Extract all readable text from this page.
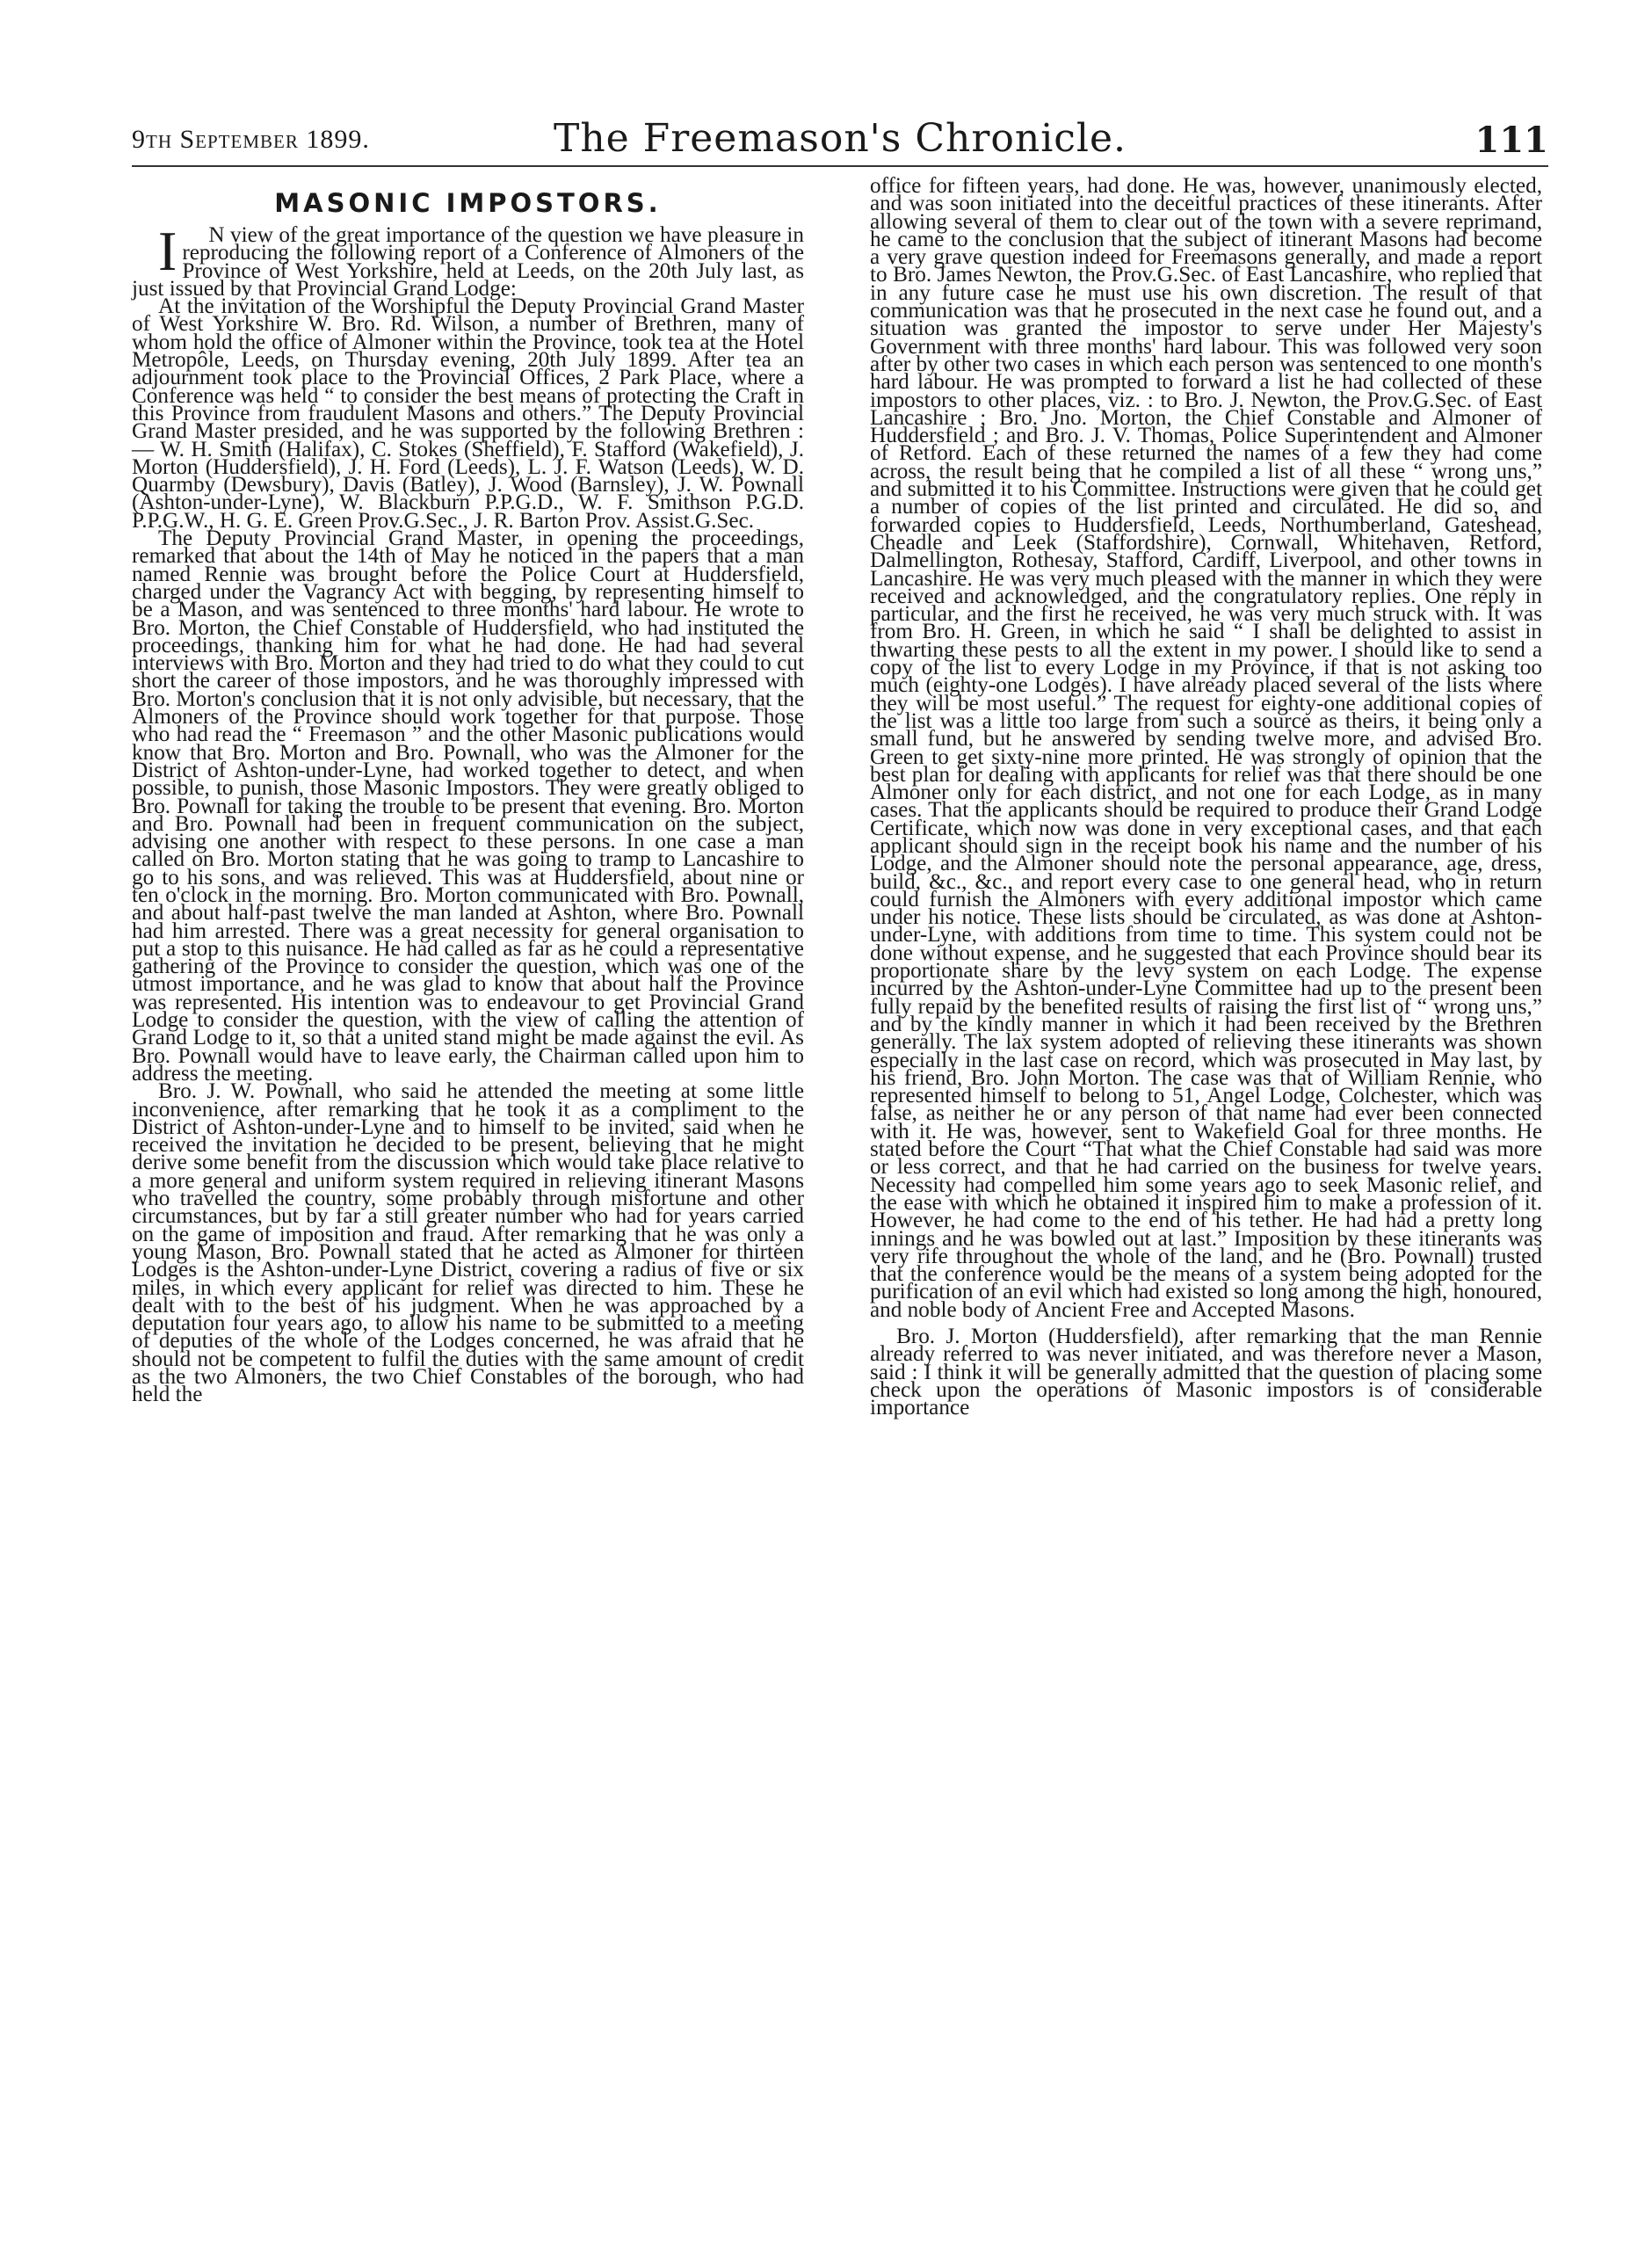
9th September 1899.	The Freemason's Chronicle.	111
MASONIC IMPOSTORS.

I N view of the great importance of the question we have pleasure in reproducing the following report of a Conference of Almoners of the Province of West Yorkshire, held at Leeds, on the 20th July last, as just issued by that Provincial Grand Lodge:

At the invitation of the Worshipful the Deputy Provincial Grand Master of West Yorkshire W. Bro. Rd. Wilson, a number of Brethren, many of whom hold the office of Almoner within the Province, took tea at the Hotel Metropôle, Leeds, on Thursday evening, 20th July 1899. After tea an adjournment took place to the Provincial Offices, 2 Park Place, where a Conference was held “ to consider the best means of protecting the Craft in this Province from fraudulent Masons and others.” The Deputy Provincial Grand Master presided, and he was supported by the following Brethren :— W. H. Smith (Halifax), C. Stokes (Sheffield), F. Stafford (Wakefield), J. Morton (Huddersfield), J. H. Ford (Leeds), L. J. F. Watson (Leeds), W. D. Quarmby (Dewsbury), Davis (Batley), J. Wood (Barnsley), J. W. Pownall (Ashton-under-Lyne), W. Blackburn P.P.G.D., W. F. Smithson P.G.D. P.P.G.W., H. G. E. Green Prov.G.Sec., J. R. Barton Prov. Assist.G.Sec.

The Deputy Provincial Grand Master, in opening the proceedings, remarked that about the 14th of May he noticed in the papers that a man named Rennie was brought before the Police Court at Huddersfield, charged under the Vagrancy Act with begging, by representing himself to be a Mason, and was sentenced to three months' hard labour. He wrote to Bro. Morton, the Chief Constable of Huddersfield, who had instituted the proceedings, thanking him for what he had done. He had had several interviews with Bro. Morton and they had tried to do what they could to cut short the career of those impostors, and he was thoroughly impressed with Bro. Morton's conclusion that it is not only advisible, but necessary, that the Almoners of the Province should work together for that purpose. Those who had read the “ Freemason ” and the other Masonic publications would know that Bro. Morton and Bro. Pownall, who was the Almoner for the District of Ashton-under-Lyne, had worked together to detect, and when possible, to punish, those Masonic Impostors. They were greatly obliged to Bro. Pownall for taking the trouble to be present that evening. Bro. Morton and Bro. Pownall had been in frequent communication on the subject, advising one another with respect to these persons. In one case a man called on Bro. Morton stating that he was going to tramp to Lancashire to go to his sons, and was relieved. This was at Huddersfield, about nine or ten o'clock in the morning. Bro. Morton communicated with Bro. Pownall, and about half-past twelve the man landed at Ashton, where Bro. Pownall had him arrested. There was a great necessity for general organisation to put a stop to this nuisance. He had called as far as he could a representative gathering of the Province to consider the question, which was one of the utmost importance, and he was glad to know that about half the Province was represented. His intention was to endeavour to get Provincial Grand Lodge to consider the question, with the view of calling the attention of Grand Lodge to it, so that a united stand might be made against the evil. As Bro. Pownall would have to leave early, the Chairman called upon him to address the meeting.

Bro. J. W. Pownall, who said he attended the meeting at some little inconvenience, after remarking that he took it as a compliment to the District of Ashton-under-Lyne and to himself to be invited, said when he received the invitation he decided to be present, believing that he might derive some benefit from the discussion which would take place relative to a more general and uniform system required in relieving itinerant Masons who travelled the country, some probably through misfortune and other circumstances, but by far a still greater number who had for years carried on the game of imposition and fraud. After remarking that he was only a young Mason, Bro. Pownall stated that he acted as Almoner for thirteen Lodges is the Ashton-under-Lyne District, covering a radius of five or six miles, in which every applicant for relief was directed to him. These he dealt with to the best of his judgment. When he was approached by a deputation four years ago, to allow his name to be submitted to a meeting of deputies of the whole of the Lodges concerned, he was afraid that he should not be competent to fulfil the duties with the same amount of credit as the two Almoners, the two Chief Constables of the borough, who had held the

office for fifteen years, had done. He was, however, unanimously elected, and was soon initiated into the deceitful practices of these itinerants. After allowing several of them to clear out of the town with a severe reprimand, he came to the conclusion that the subject of itinerant Masons had become a very grave question indeed for Freemasons generally, and made a report to Bro. James Newton, the Prov.G.Sec. of East Lancashire, who replied that in any future case he must use his own discretion. The result of that communication was that he prosecuted in the next case he found out, and a situation was granted the impostor to serve under Her Majesty's Government with three months' hard labour. This was followed very soon after by other two cases in which each person was sentenced to one month's hard labour. He was prompted to forward a list he had collected of these impostors to other places, viz. : to Bro. J. Newton, the Prov.G.Sec. of East Lancashire ; Bro. Jno. Morton, the Chief Constable and Almoner of Huddersfield ; and Bro. J. V. Thomas, Police Superintendent and Almoner of Retford. Each of these returned the names of a few they had come across, the result being that he compiled a list of all these “ wrong uns,” and submitted it to his Committee. Instructions were given that he could get a number of copies of the list printed and circulated. He did so, and forwarded copies to Huddersfield, Leeds, Northumberland, Gateshead, Cheadle and Leek (Staffordshire), Cornwall, Whitehaven, Retford, Dalmellington, Rothesay, Stafford, Cardiff, Liverpool, and other towns in Lancashire. He was very much pleased with the manner in which they were received and acknowledged, and the congratulatory replies. One reply in particular, and the first he received, he was very much struck with. It was from Bro. H. Green, in which he said “ I shall be delighted to assist in thwarting these pests to all the extent in my power. I should like to send a copy of the list to every Lodge in my Province, if that is not asking too much (eighty-one Lodges). I have already placed several of the lists where they will be most useful.” The request for eighty-one additional copies of the list was a little too large from such a source as theirs, it being only a small fund, but he answered by sending twelve more, and advised Bro. Green to get sixty-nine more printed. He was strongly of opinion that the best plan for dealing with applicants for relief was that there should be one Almoner only for each district, and not one for each Lodge, as in many cases. That the applicants should be required to produce their Grand Lodge Certificate, which now was done in very exceptional cases, and that each applicant should sign in the receipt book his name and the number of his Lodge, and the Almoner should note the personal appearance, age, dress, build, &c., &c., and report every case to one general head, who in return could furnish the Almoners with every additional impostor which came under his notice. These lists should be circulated, as was done at Ashton-under-Lyne, with additions from time to time. This system could not be done without expense, and he suggested that each Province should bear its proportionate share by the levy system on each Lodge. The expense incurred by the Ashton-under-Lyne Committee had up to the present been fully repaid by the benefited results of raising the first list of “ wrong uns,” and by the kindly manner in which it had been received by the Brethren generally. The lax system adopted of relieving these itinerants was shown especially in the last case on record, which was prosecuted in May last, by his friend, Bro. John Morton. The case was that of William Rennie, who represented himself to belong to 51, Angel Lodge, Colchester, which was false, as neither he or any person of that name had ever been connected with it. He was, however, sent to Wakefield Goal for three months. He stated before the Court “That what the Chief Constable had said was more or less correct, and that he had carried on the business for twelve years. Necessity had compelled him some years ago to seek Masonic relief, and the ease with which he obtained it inspired him to make a profession of it. However, he had come to the end of his tether. He had had a pretty long innings and he was bowled out at last.” Imposition by these itinerants was very rife throughout the whole of the land, and he (Bro. Pownall) trusted that the conference would be the means of a system being adopted for the purification of an evil which had existed so long among the high, honoured, and noble body of Ancient Free and Accepted Masons.

Bro. J. Morton (Huddersfield), after remarking that the man Rennie already referred to was never initiated, and was therefore never a Mason, said : I think it will be generally admitted that the question of placing some check upon the operations of Masonic impostors is of considerable importance
